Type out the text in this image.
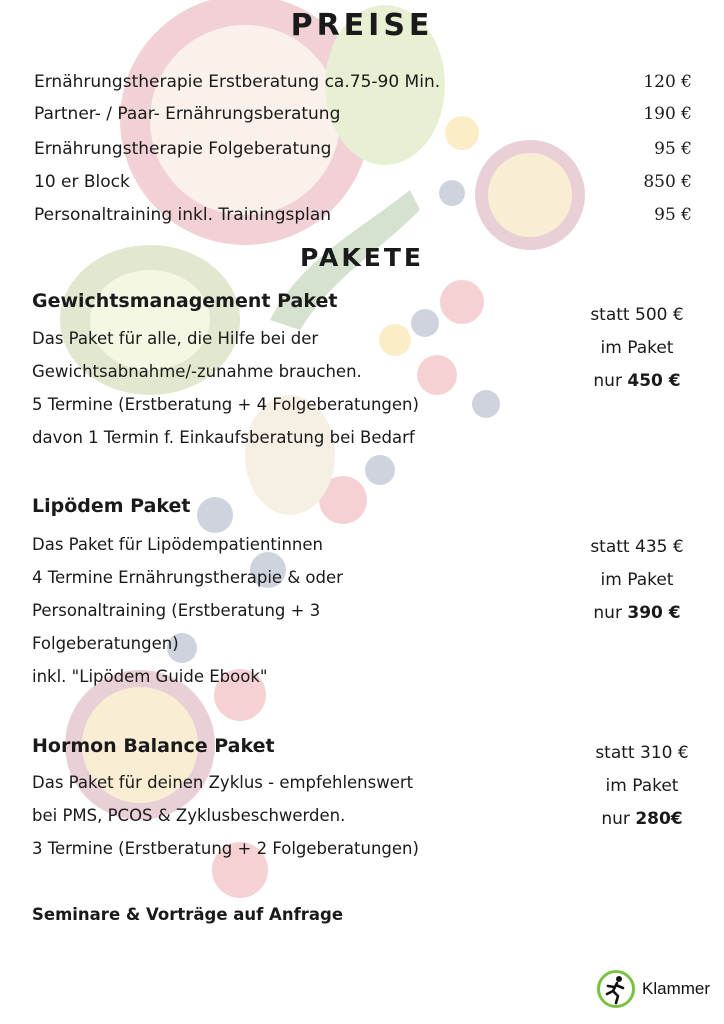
PREISE
Ernährungstherapie Erstberatung ca.75-90 Min.	120 €
Partner- / Paar- Ernährungsberatung	190 €
Ernährungstherapie Folgeberatung	95 €
10 er Block	850 €
Personaltraining inkl. Trainingsplan	95 €
PAKETE
Gewichtsmanagement Paket
Das Paket für alle, die Hilfe bei der
Gewichtsabnahme/-zunahme brauchen.
5 Termine (Erstberatung + 4 Folgeberatungen)
davon 1 Termin f. Einkaufsberatung bei Bedarf
statt 500 €
im Paket
nur 450 €
Lipödem Paket
Das Paket für Lipödempatientinnen
4 Termine Ernährungstherapie & oder
Personaltraining (Erstberatung + 3
Folgeberatungen)
inkl. "Lipödem Guide Ebook"
statt 435 €
im Paket
nur 390 €
Hormon Balance Paket
Das Paket für deinen Zyklus - empfehlenswert
bei PMS, PCOS & Zyklusbeschwerden.
3 Termine (Erstberatung + 2 Folgeberatungen)
statt 310 €
im Paket
nur 280€
Seminare & Vorträge auf Anfrage
Klammer
